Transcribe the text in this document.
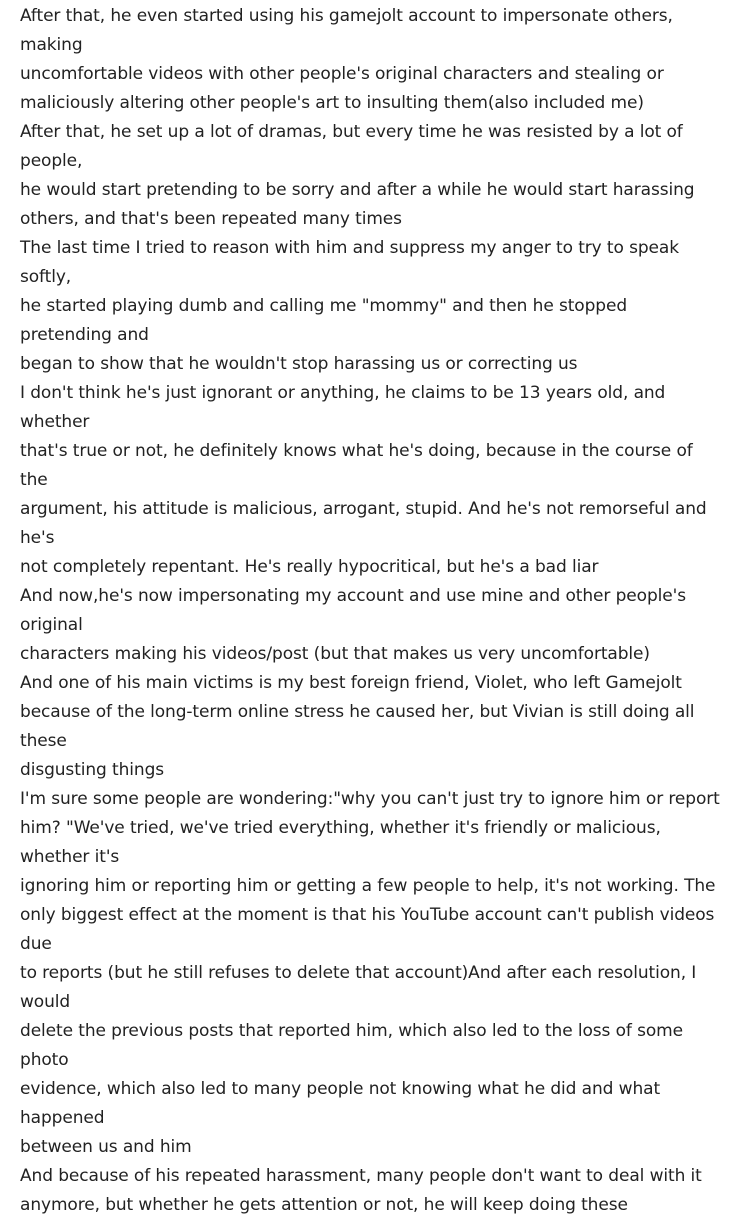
After that, he even started using his gamejolt account to impersonate others, making
uncomfortable videos with other people's original characters and stealing or
maliciously altering other people's art to insulting them(also included me)

After that, he set up a lot of dramas, but every time he was resisted by a lot of people,
he would start pretending to be sorry and after a while he would start harassing
others, and that's been repeated many times

The last time I tried to reason with him and suppress my anger to try to speak softly,
he started playing dumb and calling me "mommy" and then he stopped pretending and
began to show that he wouldn't stop harassing us or correcting us

I don't think he's just ignorant or anything, he claims to be 13 years old, and whether
that's true or not, he definitely knows what he's doing, because in the course of the
argument, his attitude is malicious, arrogant, stupid. And he's not remorseful and he's
not completely repentant. He's really hypocritical, but he's a bad liar

And now,he's now impersonating my account and use mine and other people's original
characters making his videos/post (but that makes us very uncomfortable)

And one of his main victims is my best foreign friend, Violet, who left Gamejolt
because of the long-term online stress he caused her, but Vivian is still doing all these
disgusting things

I'm sure some people are wondering:"why you can't just try to ignore him or report
him? "We've tried, we've tried everything, whether it's friendly or malicious, whether it's
ignoring him or reporting him or getting a few people to help, it's not working. The
only biggest effect at the moment is that his YouTube account can't publish videos due
to reports (but he still refuses to delete that account)And after each resolution, I would
delete the previous posts that reported him, which also led to the loss of some photo
evidence, which also led to many people not knowing what he did and what happened
between us and him

And because of his repeated harassment, many people don't want to deal with it
anymore, but whether he gets attention or not, he will keep doing these
